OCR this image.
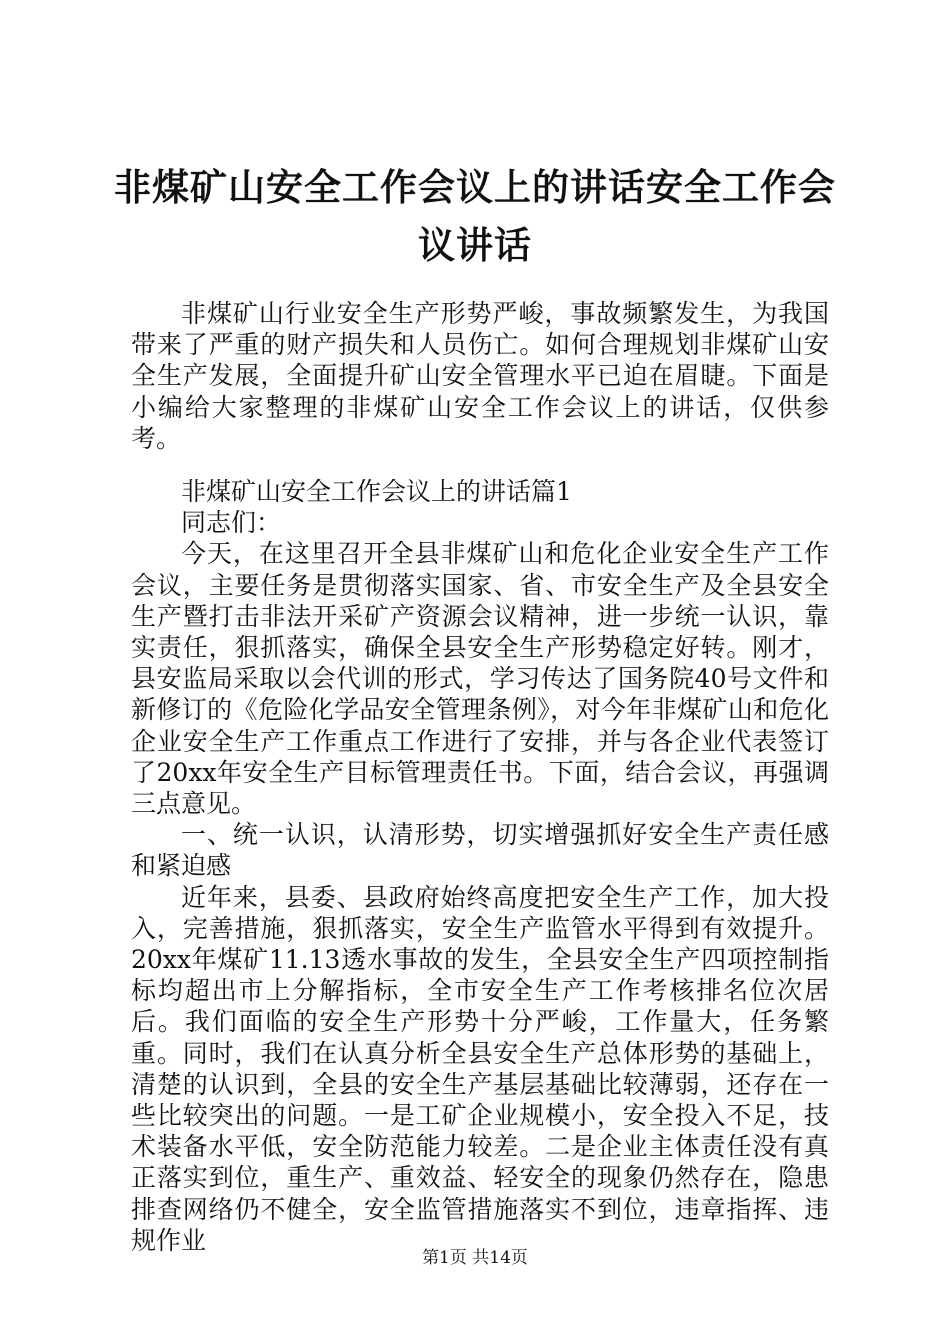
非煤矿山安全工作会议上的讲话安全工作会议讲话

非煤矿山行业安全生产形势严峻，事故频繁发生，为我国带来了严重的财产损失和人员伤亡。如何合理规划非煤矿山安全生产发展，全面提升矿山安全管理水平已迫在眉睫。下面是小编给大家整理的非煤矿山安全工作会议上的讲话，仅供参考。

非煤矿山安全工作会议上的讲话篇1

同志们：

今天，在这里召开全县非煤矿山和危化企业安全生产工作会议，主要任务是贯彻落实国家、省、市安全生产及全县安全生产暨打击非法开采矿产资源会议精神，进一步统一认识，靠实责任，狠抓落实，确保全县安全生产形势稳定好转。刚才，县安监局采取以会代训的形式，学习传达了国务院40号文件和新修订的《危险化学品安全管理条例》，对今年非煤矿山和危化企业安全生产工作重点工作进行了安排，并与各企业代表签订了20xx年安全生产目标管理责任书。下面，结合会议，再强调三点意见。

一、统一认识，认清形势，切实增强抓好安全生产责任感和紧迫感

近年来，县委、县政府始终高度把安全生产工作，加大投入，完善措施，狠抓落实，安全生产监管水平得到有效提升。20xx年煤矿11.13透水事故的发生，全县安全生产四项控制指标均超出市上分解指标，全市安全生产工作考核排名位次居后。我们面临的安全生产形势十分严峻，工作量大，任务繁重。同时，我们在认真分析全县安全生产总体形势的基础上，清楚的认识到，全县的安全生产基层基础比较薄弱，还存在一些比较突出的问题。一是工矿企业规模小，安全投入不足，技术装备水平低，安全防范能力较差。二是企业主体责任没有真正落实到位，重生产、重效益、轻安全的现象仍然存在，隐患排查网络仍不健全，安全监管措施落实不到位，违章指挥、违规作业

第1页 共14页
